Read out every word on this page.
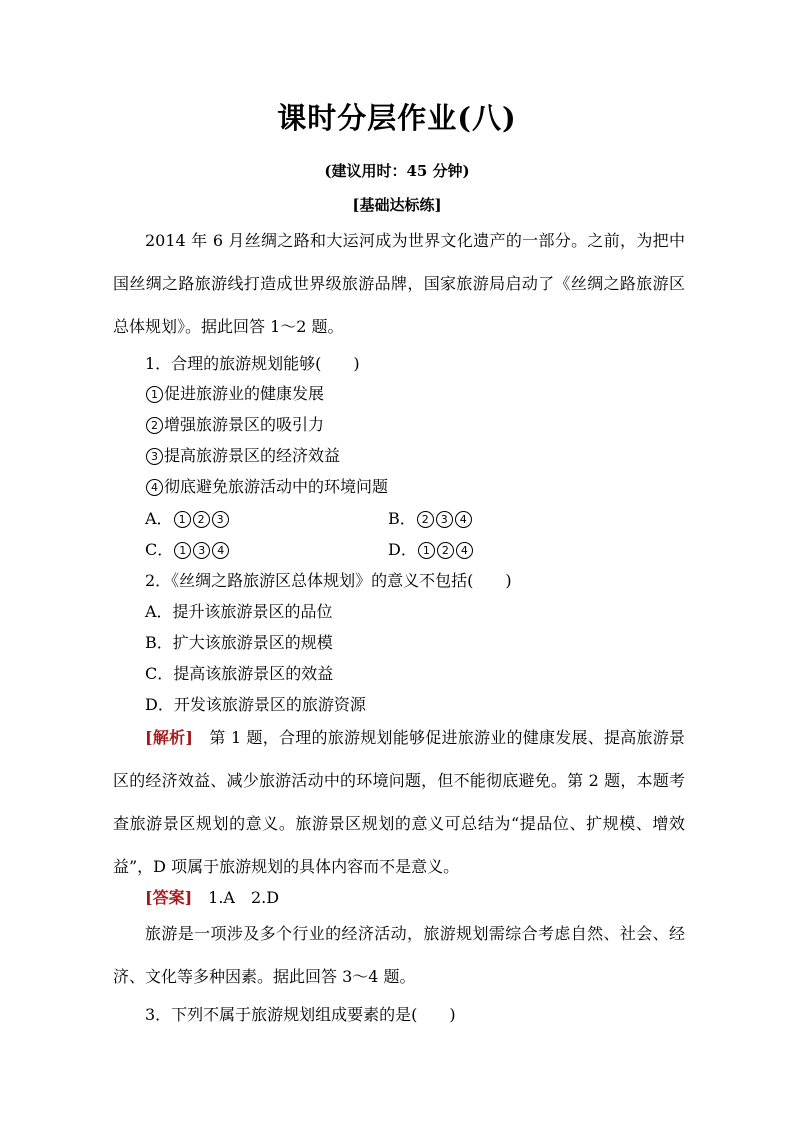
课时分层作业(八)
(建议用时：45 分钟)
[基础达标练]

2014 年 6 月丝绸之路和大运河成为世界文化遗产的一部分。之前，为把中国丝绸之路旅游线打造成世界级旅游品牌，国家旅游局启动了《丝绸之路旅游区总体规划》。据此回答 1～2 题。

1．合理的旅游规划能够(　　)
1 促进旅游业的健康发展
2 增强旅游景区的吸引力
3 提高旅游景区的经济效益
4 彻底避免旅游活动中的环境问题
A． 1 2 3	B． 2 3 4
C． 1 3 4	D． 1 2 4
2．《丝绸之路旅游区总体规划》的意义不包括(　　)
A．提升该旅游景区的品位
B．扩大该旅游景区的规模
C．提高该旅游景区的效益
D．开发该旅游景区的旅游资源

[解析]　第 1 题，合理的旅游规划能够促进旅游业的健康发展、提高旅游景区的经济效益、减少旅游活动中的环境问题，但不能彻底避免。第 2 题，本题考查旅游景区规划的意义。旅游景区规划的意义可总结为“提品位、扩规模、增效益”，D 项属于旅游规划的具体内容而不是意义。

[答案]　1.A　2.D

旅游是一项涉及多个行业的经济活动，旅游规划需综合考虑自然、社会、经济、文化等多种因素。据此回答 3～4 题。

3．下列不属于旅游规划组成要素的是(　　)
